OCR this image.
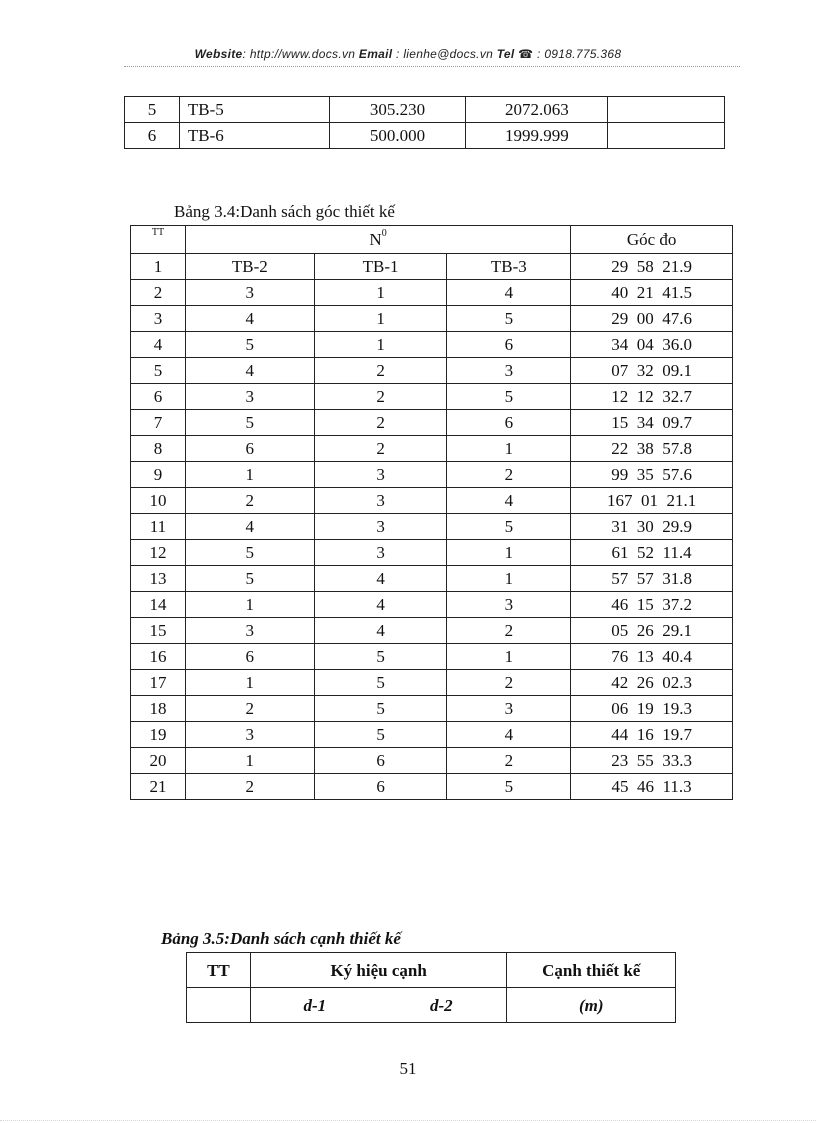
Website: http://www.docs.vn Email : lienhe@docs.vn Tel ☎ : 0918.775.368
5	TB-5	305.230	2072.063	
6	TB-6	500.000	1999.999	
Bảng 3.4:Danh sách góc thiết kế
TT	$N^0$			Góc đo
1	TB-2	TB-1	TB-3	29 58 21.9
2	3	1	4	40 21 41.5
3	4	1	5	29 00 47.6
4	5	1	6	34 04 36.0
5	4	2	3	07 32 09.1
6	3	2	5	12 12 32.7
7	5	2	6	15 34 09.7
8	6	2	1	22 38 57.8
9	1	3	2	99 35 57.6
10	2	3	4	167 01 21.1
11	4	3	5	31 30 29.9
12	5	3	1	61 52 11.4
13	5	4	1	57 57 31.8
14	1	4	3	46 15 37.2
15	3	4	2	05 26 29.1
16	6	5	1	76 13 40.4
17	1	5	2	42 26 02.3
18	2	5	3	06 19 19.3
19	3	5	4	44 16 19.7
20	1	6	2	23 55 33.3
21	2	6	5	45 46 11.3
Bảng 3.5:Danh sách cạnh thiết kế
TT	Ký hiệu cạnh	Cạnh thiết kế
	d-1 d-2	(m)
51
